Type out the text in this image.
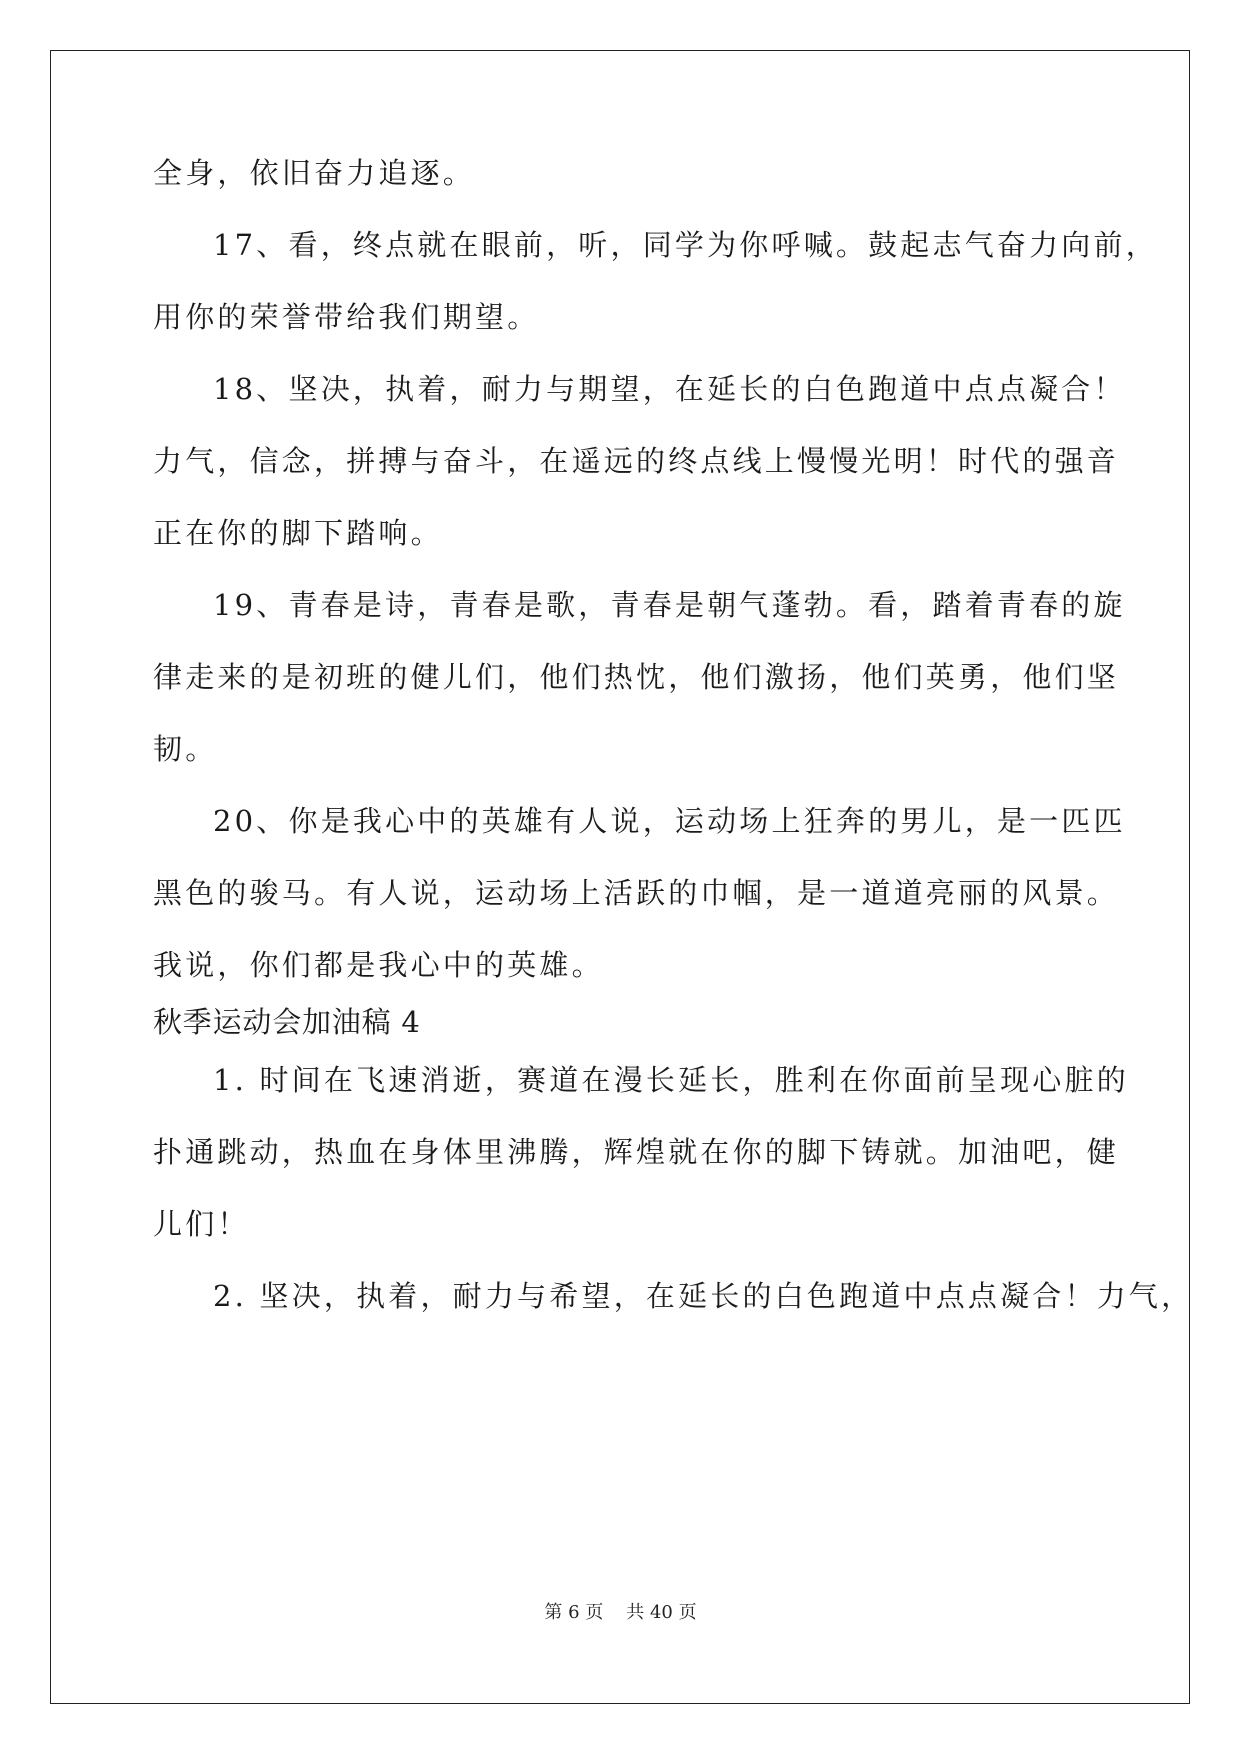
全身，依旧奋力追逐。
17、看，终点就在眼前，听，同学为你呼喊。鼓起志气奋力向前，
用你的荣誉带给我们期望。
18、坚决，执着，耐力与期望，在延长的白色跑道中点点凝合！
力气，信念，拼搏与奋斗，在遥远的终点线上慢慢光明！时代的强音
正在你的脚下踏响。
19、青春是诗，青春是歌，青春是朝气蓬勃。看，踏着青春的旋
律走来的是初班的健儿们，他们热忱，他们激扬，他们英勇，他们坚
韧。
20、你是我心中的英雄有人说，运动场上狂奔的男儿，是一匹匹
黑色的骏马。有人说，运动场上活跃的巾帼，是一道道亮丽的风景。
我说，你们都是我心中的英雄。
秋季运动会加油稿 4
1. 时间在飞速消逝，赛道在漫长延长，胜利在你面前呈现心脏的
扑通跳动，热血在身体里沸腾，辉煌就在你的脚下铸就。加油吧，健
儿们！
2. 坚决，执着，耐力与希望，在延长的白色跑道中点点凝合！力气，
第 6 页 共 40 页
